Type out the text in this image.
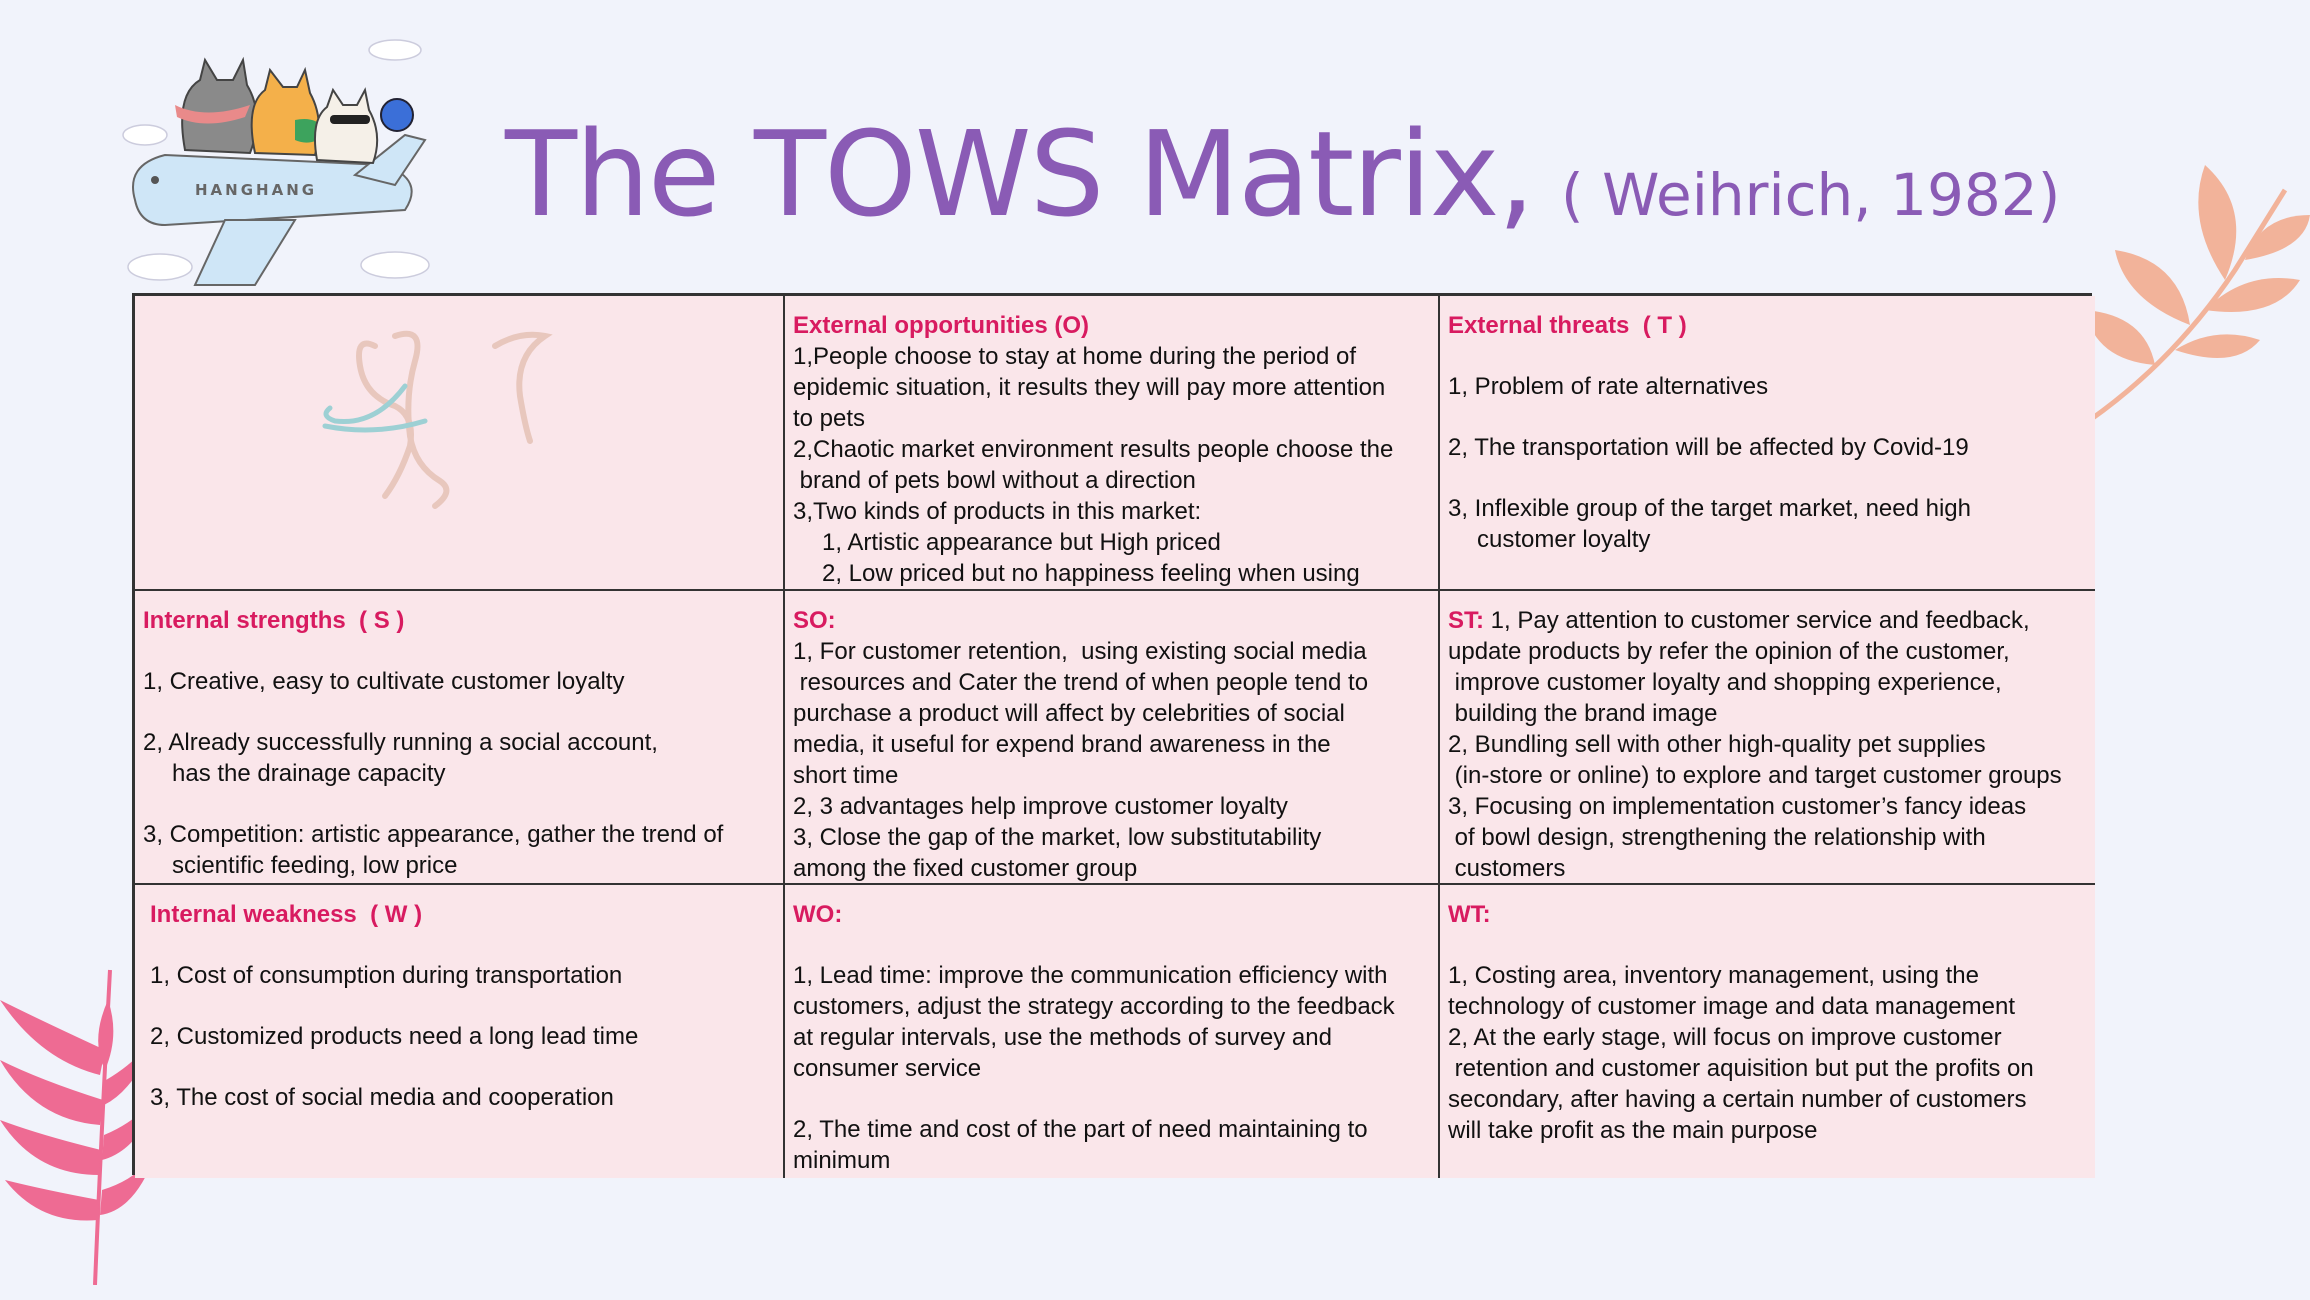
HANGHANG The TOWS Matrix, ( Weihrich, 1982)
External opportunities (O)
1,People choose to stay at home during the period of
epidemic situation, it results they will pay more attention
to pets
2,Chaotic market environment results people choose the
brand of pets bowl without a direction
3,Two kinds of products in this market:
1, Artistic appearance but High priced
2, Low priced but no happiness feeling when using
External threats  ( T )
1, Problem of rate alternatives
2, The transportation will be affected by Covid-19
3, Inflexible group of the target market, need high
customer loyalty
Internal strengths  ( S )
1, Creative, easy to cultivate customer loyalty
2, Already successfully running a social account,
has the drainage capacity
3, Competition: artistic appearance, gather the trend of
scientific feeding, low price
SO:
1, For customer retention,  using existing social media
resources and Cater the trend of when people tend to
purchase a product will affect by celebrities of social
media, it useful for expend brand awareness in the
short time
2, 3 advantages help improve customer loyalty
3, Close the gap of the market, low substitutability
among the fixed customer group
ST: 1, Pay attention to customer service and feedback,
update products by refer the opinion of the customer,
improve customer loyalty and shopping experience,
building the brand image
2, Bundling sell with other high-quality pet supplies
(in-store or online) to explore and target customer groups
3, Focusing on implementation customer’s fancy ideas
of bowl design, strengthening the relationship with
customers
Internal weakness  ( W )
1, Cost of consumption during transportation
2, Customized products need a long lead time
3, The cost of social media and cooperation
WO:
1, Lead time: improve the communication efficiency with
customers, adjust the strategy according to the feedback
at regular intervals, use the methods of survey and
consumer service
2, The time and cost of the part of need maintaining to
minimum
WT:
1, Costing area, inventory management, using the
technology of customer image and data management
2, At the early stage, will focus on improve customer
retention and customer aquisition but put the profits on
secondary, after having a certain number of customers
will take profit as the main purpose
